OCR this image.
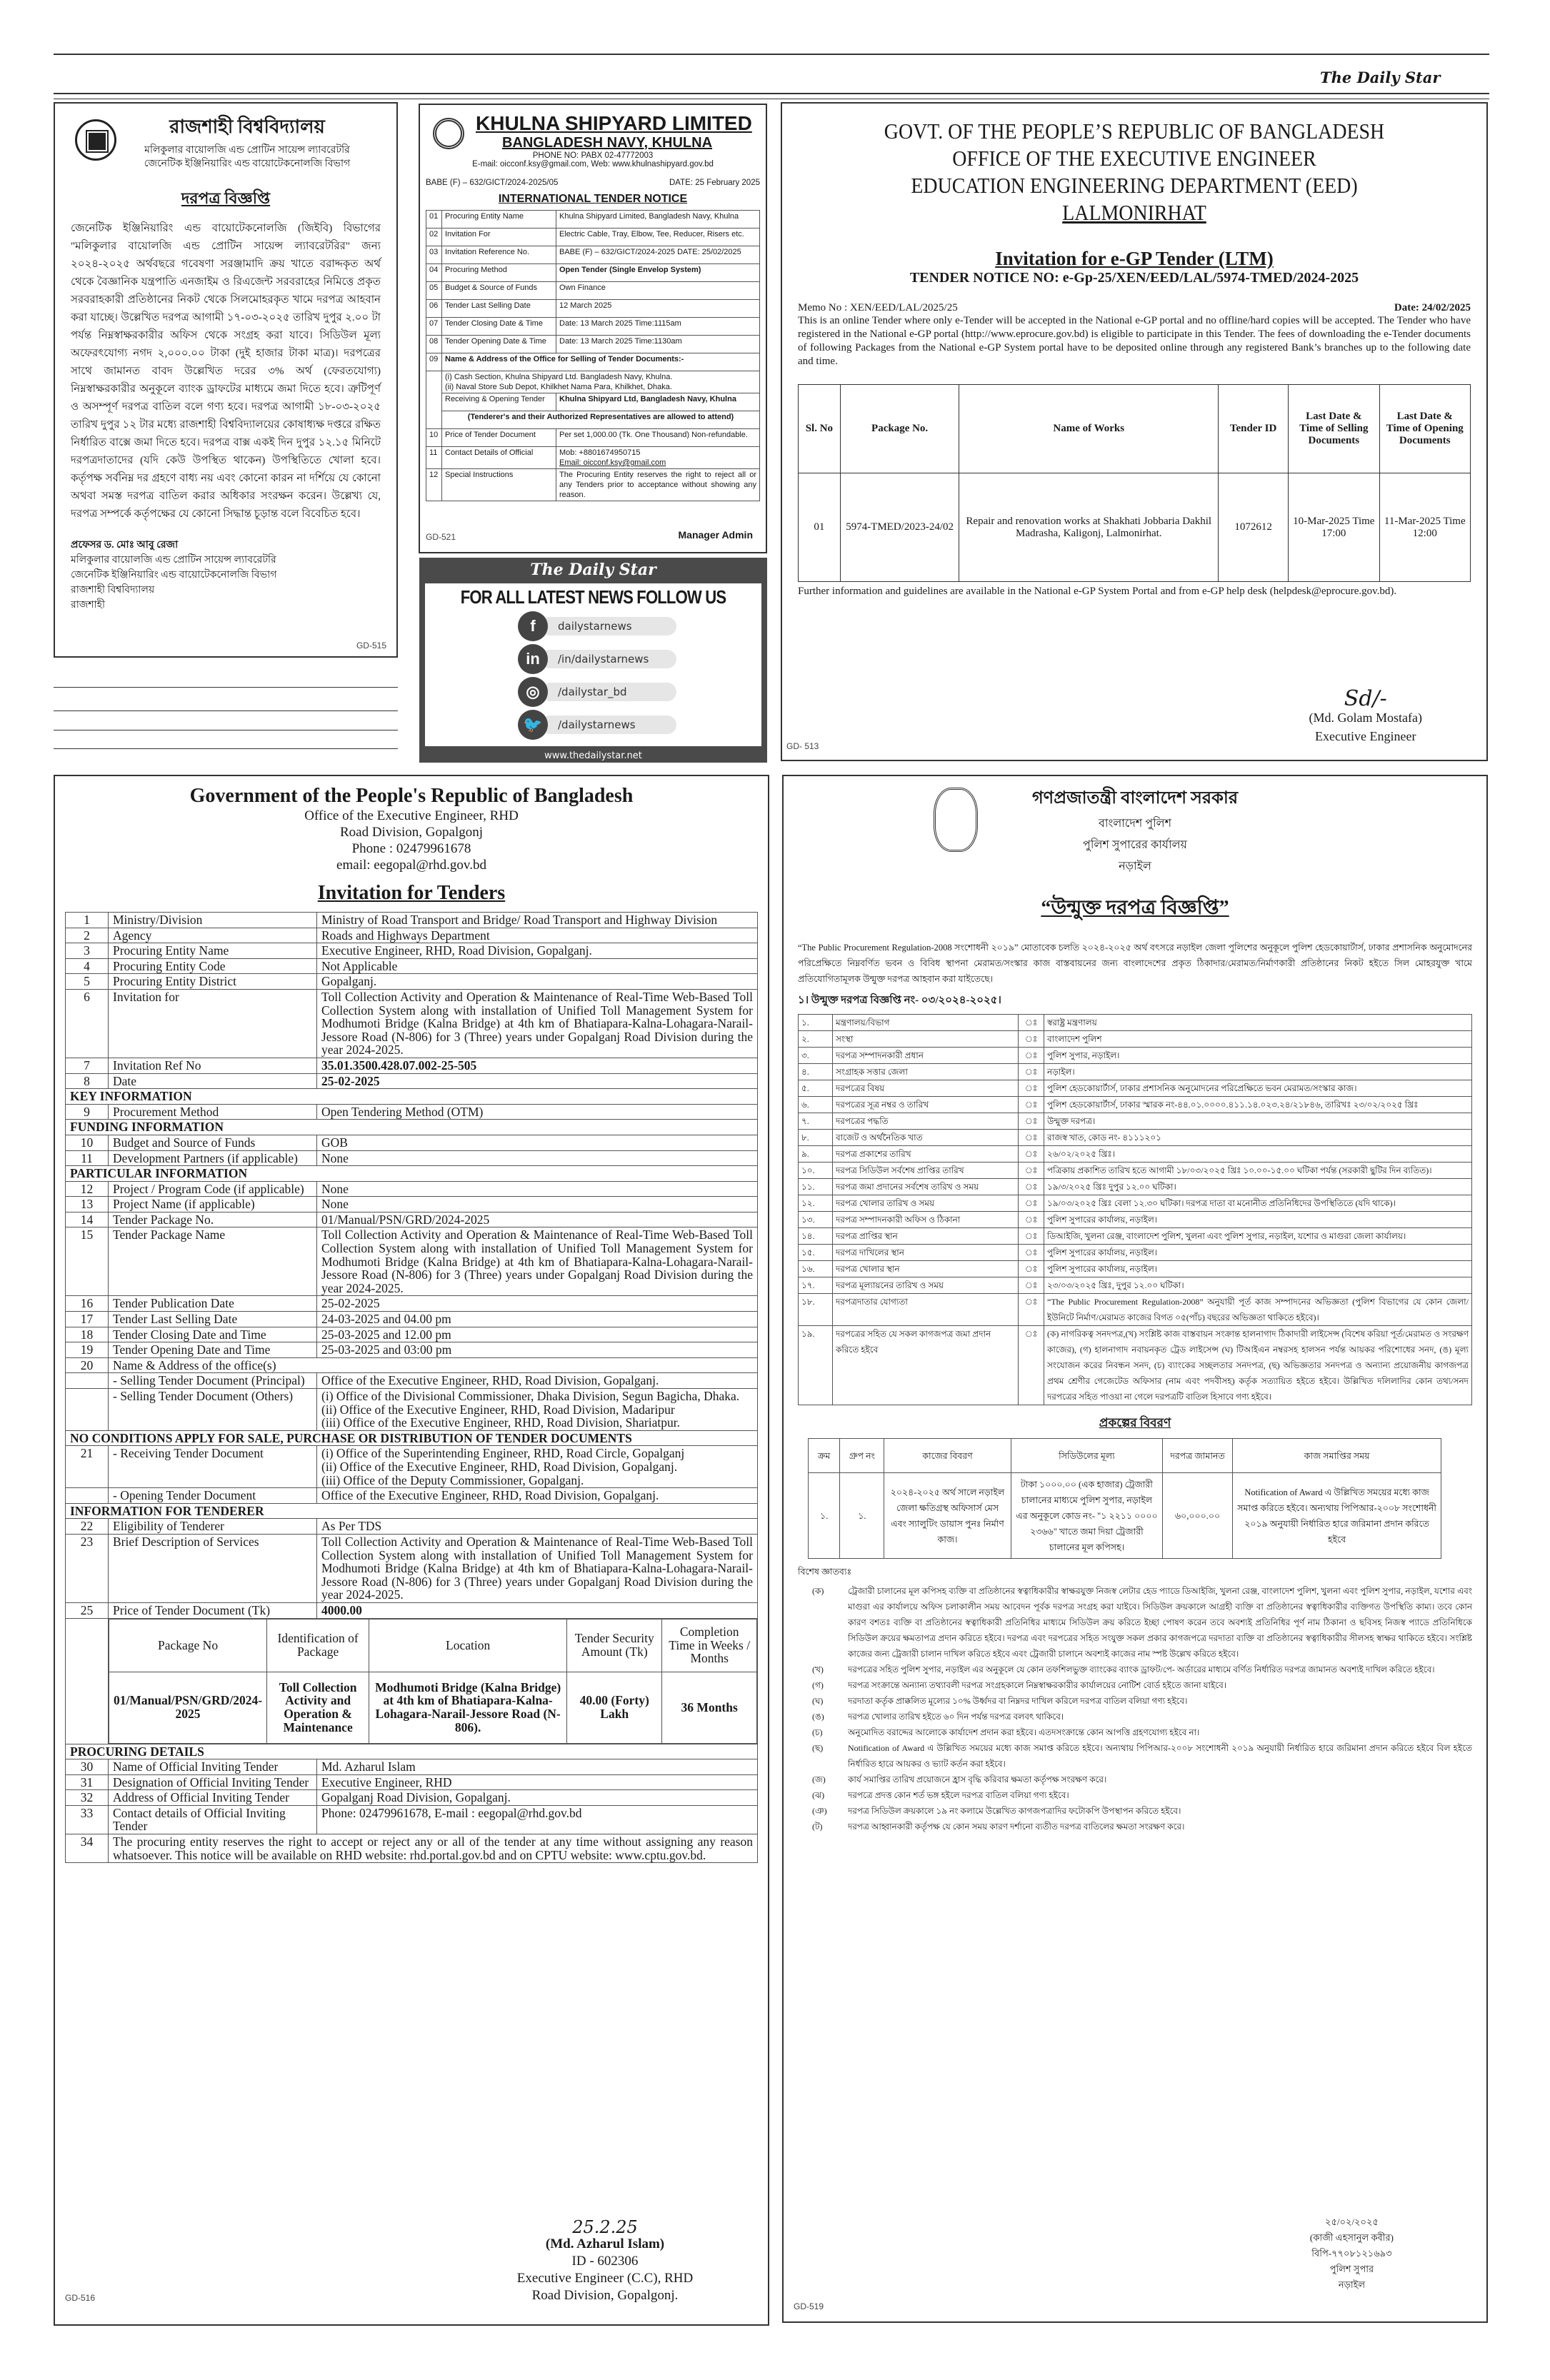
The Daily Star
রাজশাহী বিশ্ববিদ্যালয়
মলিকুলার বায়োলজি এন্ড প্রোটিন সায়েন্স ল্যাবরেটরি
জেনেটিক ইঞ্জিনিয়ারিং এন্ড বায়োটেকনোলজি বিভাগ
দরপত্র বিজ্ঞপ্তি

জেনেটিক ইঞ্জিনিয়ারিং এন্ড বায়োটেকনোলজি (জিইবি) বিভাগের "মলিকুলার বায়োলজি এন্ড প্রোটিন সায়েন্স ল্যাবরেটরির" জন্য ২০২৪-২০২৫ অর্থবছরে গবেষণা সরঞ্জামাদি ক্রয় খাতে বরাদ্দকৃত অর্থ থেকে বৈজ্ঞানিক যন্ত্রপাতি এনজাইম ও রিএজেন্ট সরবরাহের নিমিত্তে প্রকৃত সরবরাহকারী প্রতিষ্ঠানের নিকট থেকে সিলমোহরকৃত খামে দরপত্র আহবান করা যাচ্ছে। উল্লেখিত দরপত্র আগামী ১৭-০৩-২০২৫ তারিখ দুপুর ২.০০ টা পর্যন্ত নিম্নস্বাক্ষরকারীর অফিস থেকে সংগ্রহ করা যাবে। সিডিউল মূল্য অফেরৎযোগ্য নগদ ২,০০০.০০ টাকা (দুই হাজার টাকা মাত্র)। দরপত্রের সাথে জামানত বাবদ উল্লেখিত দরের ৩% অর্থ (ফেরতযোগ্য) নিম্নস্বাক্ষরকারীর অনুকূলে ব্যাংক ড্রাফটের মাধ্যমে জমা দিতে হবে। ত্রুটিপূর্ণ ও অসম্পূর্ণ দরপত্র বাতিল বলে গণ্য হবে। দরপত্র আগামী ১৮-০৩-২০২৫ তারিখ দুপুর ১২ টার মধ্যে রাজশাহী বিশ্ববিদ্যালয়ের কোষাধ্যক্ষ দপ্তরে রক্ষিত নির্ধারিত বাক্সে জমা দিতে হবে। দরপত্র বাক্স একই দিন দুপুর ১২.১৫ মিনিটে দরপত্রদাতাদের (যদি কেউ উপস্থিত থাকেন) উপস্থিতিতে খোলা হবে। কর্তৃপক্ষ সর্বনিম্ন দর গ্রহণে বাধ্য নয় এবং কোনো কারন না দর্শিয়ে যে কোনো অথবা সমস্ত দরপত্র বাতিল করার অধিকার সংরক্ষন করেন। উল্লেখ্য যে, দরপত্র সম্পর্কে কর্তৃপক্ষের যে কোনো সিদ্ধান্ত চূড়ান্ত বলে বিবেচিত হবে।

প্রফেসর ড. মোঃ আবু রেজা
মলিকুলার বায়োলজি এন্ড প্রোটিন সায়েন্স ল্যাবরেটরি
জেনেটিক ইঞ্জিনিয়ারিং এন্ড বায়োটেকনোলজি বিভাগ
রাজশাহী বিশ্ববিদ্যালয়
রাজশাহী
GD-515
KHULNA SHIPYARD LIMITED
BANGLADESH NAVY, KHULNA
PHONE NO: PABX 02-47772003
E-mail: oicconf.ksy@gmail.com, Web: www.khulnashipyard.gov.bd
BABE (F) – 632/GICT/2024-2025/05	DATE: 25 February 2025
INTERNATIONAL TENDER NOTICE
01	Procuring Entity Name	Khulna Shipyard Limited, Bangladesh Navy, Khulna
02	Invitation For	Electric Cable, Tray, Elbow, Tee, Reducer, Risers etc.
03	Invitation Reference No.	BABE (F) – 632/GICT/2024-2025 DATE: 25/02/2025
04	Procuring Method	Open Tender (Single Envelop System)
05	Budget & Source of Funds	Own Finance
06	Tender Last Selling Date	12 March 2025
07	Tender Closing Date & Time	Date: 13 March 2025 Time:1115am
08	Tender Opening Date & Time	Date: 13 March 2025 Time:1130am
09	Name & Address of the Office for Selling of Tender Documents:-	

	(i) Cash Section, Khulna Shipyard Ltd. Bangladesh Navy, Khulna.
(ii) Naval Store Sub Depot, Khilkhet Nama Para, Khilkhet, Dhaka.	

	Receiving & Opening Tender	Khulna Shipyard Ltd, Bangladesh Navy, Khulna
	(Tenderer's and their Authorized Representatives are allowed to attend)	
10	Price of Tender Document	Per set 1,000.00 (Tk. One Thousand) Non-refundable.
11	Contact Details of Official	Mob: +8801674950715
Email: oicconf.ksy@gmail.com

12	Special Instructions	The Procuring Entity reserves the right to reject all or any Tenders prior to acceptance without showing any reason.
Manager Admin
GD-521
The Daily Star
FOR ALL LATEST NEWS FOLLOW US
f	dailystarnews
in	/in/dailystarnews
◎	/dailystar_bd
🐦	/dailystarnews
www.thedailystar.net
GOVT. OF THE PEOPLE’S REPUBLIC OF BANGLADESH
OFFICE OF THE EXECUTIVE ENGINEER
EDUCATION ENGINEERING DEPARTMENT (EED)
LALMONIRHAT
Invitation for e-GP Tender (LTM)
TENDER NOTICE NO: e-Gp-25/XEN/EED/LAL/5974-TMED/2024-2025
Memo No : XEN/EED/LAL/2025/25	Date: 24/02/2025

This is an online Tender where only e-Tender will be accepted in the National e-GP portal and no offline/hard copies will be accepted. The Tender who have registered in the National e-GP portal (http://www.eprocure.gov.bd) is eligible to participate in this Tender. The fees of downloading the e-Tender documents of following Packages from the National e-GP System portal have to be deposited online through any registered Bank’s branches up to the following date and time.

Sl. No	Package No.	Name of Works	Tender ID	Last Date & Time of Selling Documents	Last Date & Time of Opening Documents
01	5974-TMED/2023-24/02	Repair and renovation works at Shakhati Jobbaria Dakhil Madrasha, Kaligonj, Lalmonirhat.	1072612	10-Mar-2025 Time 17:00	11-Mar-2025 Time 12:00

Further information and guidelines are available in the National e-GP System Portal and from e-GP help desk (helpdesk@eprocure.gov.bd).

Sd/-
(Md. Golam Mostafa)
Executive Engineer
GD- 513
Government of the People's Republic of Bangladesh
Office of the Executive Engineer, RHD
Road Division, Gopalgonj
Phone : 02479961678
email: eegopal@rhd.gov.bd
Invitation for Tenders
1	Ministry/Division	Ministry of Road Transport and Bridge/ Road Transport and Highway Division
2	Agency	Roads and Highways Department
3	Procuring Entity Name	Executive Engineer, RHD, Road Division, Gopalganj.
4	Procuring Entity Code	Not Applicable
5	Procuring Entity District	Gopalganj.
6	Invitation for	Toll Collection Activity and Operation & Maintenance of Real-Time Web-Based Toll Collection System along with installation of Unified Toll Management System for Modhumoti Bridge (Kalna Bridge) at 4th km of Bhatiapara-Kalna-Lohagara-Narail-Jessore Road (N-806) for 3 (Three) years under Gopalganj Road Division during the year 2024-2025.
7	Invitation Ref No	35.01.3500.428.07.002-25-505
8	Date	25-02-2025
KEY INFORMATION
9	Procurement Method	Open Tendering Method (OTM)
FUNDING INFORMATION
10	Budget and Source of Funds	GOB
11	Development Partners (if applicable)	None
PARTICULAR INFORMATION
12	Project / Program Code (if applicable)	None
13	Project Name (if applicable)	None
14	Tender Package No.	01/Manual/PSN/GRD/2024-2025
15	Tender Package Name	Toll Collection Activity and Operation & Maintenance of Real-Time Web-Based Toll Collection System along with installation of Unified Toll Management System for Modhumoti Bridge (Kalna Bridge) at 4th km of Bhatiapara-Kalna-Lohagara-Narail-Jessore Road (N-806) for 3 (Three) years under Gopalganj Road Division during the year 2024-2025.
16	Tender Publication Date	25-02-2025
17	Tender Last Selling Date	24-03-2025 and 04.00 pm
18	Tender Closing Date and Time	25-03-2025 and 12.00 pm
19	Tender Opening Date and Time	25-03-2025 and 03:00 pm
20	Name & Address of the office(s)
	- Selling Tender Document (Principal)	Office of the Executive Engineer, RHD, Road Division, Gopalganj.
	- Selling Tender Document (Others)	(i) Office of the Divisional Commissioner, Dhaka Division, Segun Bagicha, Dhaka.
(ii) Office of the Executive Engineer, RHD, Road Division, Madaripur
(iii) Office of the Executive Engineer, RHD, Road Division, Shariatpur.
NO CONDITIONS APPLY FOR SALE, PURCHASE OR DISTRIBUTION OF TENDER DOCUMENTS
21	- Receiving Tender Document	(i) Office of the Superintending Engineer, RHD, Road Circle, Gopalganj
(ii) Office of the Executive Engineer, RHD, Road Division, Gopalganj.
(iii) Office of the Deputy Commissioner, Gopalganj.
	- Opening Tender Document	Office of the Executive Engineer, RHD, Road Division, Gopalganj.
INFORMATION FOR TENDERER
22	Eligibility of Tenderer	As Per TDS
23	Brief Description of Services	Toll Collection Activity and Operation & Maintenance of Real-Time Web-Based Toll Collection System along with installation of Unified Toll Management System for Modhumoti Bridge (Kalna Bridge) at 4th km of Bhatiapara-Kalna-Lohagara-Narail-Jessore Road (N-806) for 3 (Three) years under Gopalganj Road Division during the year 2024-2025.
25	Price of Tender Document (Tk)	4000.00

Package No	Identification of Package	Location	Tender Security Amount (Tk)	Completion Time in Weeks / Months
01/Manual/PSN/GRD/2024-2025	Toll Collection Activity and Operation & Maintenance	Modhumoti Bridge (Kalna Bridge) at 4th km of Bhatiapara-Kalna-Lohagara-Narail-Jessore Road (N-806).	40.00 (Forty) Lakh	36 Months

PROCURING DETAILS
30	Name of Official Inviting Tender	Md. Azharul Islam
31	Designation of Official Inviting Tender	Executive Engineer, RHD
32	Address of Official Inviting Tender	Gopalganj Road Division, Gopalganj.
33	Contact details of Official Inviting Tender	Phone: 02479961678, E-mail : eegopal@rhd.gov.bd
34	The procuring entity reserves the right to accept or reject any or all of the tender at any time without assigning any reason whatsoever. This notice will be available on RHD website: rhd.portal.gov.bd and on CPTU website: www.cptu.gov.bd.
25.2.25
(Md. Azharul Islam)
ID - 602306
Executive Engineer (C.C), RHD
Road Division, Gopalgonj.
GD-516
গণপ্রজাতন্ত্রী বাংলাদেশ সরকার
বাংলাদেশ পুলিশ
পুলিশ সুপারের কার্যালয়
নড়াইল
“উন্মুক্ত দরপত্র বিজ্ঞপ্তি”

“The Public Procurement Regulation-2008 সংশোধনী ২০১৯” মোতাবেক চলতি ২০২৪-২০২৫ অর্থ বৎসরে নড়াইল জেলা পুলিশের অনুকূলে পুলিশ হেডকোয়ার্টার্স, ঢাকার প্রশাসনিক অনুমোদনের পরিপ্রেক্ষিতে নিম্নবর্ণিত ভবন ও বিবিধ স্থাপনা মেরামত/সংস্কার কাজ বাস্তবায়নের জন্য বাংলাদেশের প্রকৃত ঠিকাদার/মেরামত/নির্মাণকারী প্রতিষ্ঠানের নিকট হইতে সিল মোহরযুক্ত খামে প্রতিযোগিতামূলক উন্মুক্ত দরপত্র আহবান করা যাইতেছে।

১। উন্মুক্ত দরপত্র বিজ্ঞপ্তি নং- ০৩/২০২৪-২০২৫।

১.	মন্ত্রণালয়/বিভাগ	ঃ	স্বরাষ্ট্র মন্ত্রণালয়
২.	সংস্থা	ঃ	বাংলাদেশ পুলিশ
৩.	দরপত্র সম্পাদনকারী প্রধান	ঃ	পুলিশ সুপার, নড়াইল।
৪.	সংগ্রাহক সত্তার জেলা	ঃ	নড়াইল।
৫.	দরপত্রের বিষয়	ঃ	পুলিশ হেডকোয়ার্টার্স, ঢাকার প্রশাসনিক অনুমোদনের পরিপ্রেক্ষিতে ভবন মেরামত/সংস্কার কাজ।
৬.	দরপত্রের সূত্র নম্বর ও তারিখ	ঃ	পুলিশ হেডকোয়ার্টার্স, ঢাকার স্মারক নং-৪৪.০১.০০০০.৪১১.১৪.০২৩.২৪/২১৮৪৬, তারিখঃ ২৩/০২/২০২৫ খ্রিঃ
৭.	দরপত্রের পদ্ধতি	ঃ	উন্মুক্ত দরপত্র।
৮.	বাজেট ও অর্থনৈতিক খাত	ঃ	রাজস্ব খাত, কোড নং- ৪১১১২০১
৯.	দরপত্র প্রকাশের তারিখ	ঃ	২৬/০২/২০২৫ খ্রিঃ।
১০.	দরপত্র সিডিউল সর্বশেষ প্রাপ্তির তারিখ	ঃ	পত্রিকায় প্রকাশিত তারিখ হতে আগামী ১৮/০৩/২০২৫ খ্রিঃ ১০.০০-১৫.০০ ঘটিকা পর্যন্ত (সরকারী ছুটির দিন ব্যতিত)।
১১.	দরপত্র জমা প্রদানের সর্বশেষ তারিখ ও সময়	ঃ	১৯/৩/২০২৫ খ্রিঃ দুপুর ১২.০০ ঘটিকা।
১২.	দরপত্র খোলার তারিখ ও সময়	ঃ	১৯/০৩/২০২৫ খ্রিঃ বেলা ১২.৩০ ঘটিকা। দরপত্র দাতা বা মনোনীত প্রতিনিধিদের উপস্থিতিতে (যদি থাকে)।
১৩.	দরপত্র সম্পাদনকারী অফিস ও ঠিকানা	ঃ	পুলিশ সুপারের কার্যালয়, নড়াইল।
১৪.	দরপত্র প্রাপ্তির স্থান	ঃ	ডিআইজি, খুলনা রেঞ্জ, বাংলাদেশ পুলিশ, খুলনা এবং পুলিশ সুপার, নড়াইল, যশোর ও মাগুরা জেলা কার্যালয়।
১৫.	দরপত্র দাখিলের স্থান	ঃ	পুলিশ সুপারের কার্যালয়, নড়াইল।
১৬.	দরপত্র খোলার স্থান	ঃ	পুলিশ সুপারের কার্যালয়, নড়াইল।
১৭.	দরপত্র মূল্যায়নের তারিখ ও সময়	ঃ	২৩/০৩/২০২৫ খ্রিঃ, দুপুর ১২.০০ ঘটিকা।
১৮.	দরপত্রদাতার যোগ্যতা	ঃ	“The Public Procurement Regulation-2008” অনুযায়ী পূর্ত কাজ সম্পাদনের অভিজ্ঞতা (পুলিশ বিভাগের যে কোন জেলা/ইউনিটে নির্মাণ/মেরামত কাজের বিগত ০৫(পাঁচ) বছরের অভিজ্ঞতা থাকিতে হইবে)।
১৯.	দরপত্রের সহিত যে সকল কাগজপত্র জমা প্রদান করিতে হইবে	ঃ	(ক) নাগরিকত্ব সনদপত্র,(খ) সংশ্লিষ্ট কাজ বাস্তবায়ন সংক্রান্ত হালনাগাদ ঠিকাদারী লাইসেন্স (বিশেষ করিয়া পূর্ত/মেরামত ও সংরক্ষণ কাজের), (গ) হালনাগাদ নবায়নকৃত ট্রেড লাইসেন্স (ঘ) টিআইএন নম্বরসহ হালসন পর্যন্ত আয়কর পরিশোধের সনদ, (ঙ) মূল্য সংযোজন করের নিবন্ধন সনদ, (চ) ব্যাংকের সচ্ছলতার সনদপত্র, (ছ) অভিজ্ঞতার সনদপত্র ও অন্যান্য প্রয়োজনীয় কাগজপত্র প্রথম শ্রেণীর গেজেটেড অফিসার (নাম এবং পদবীসহ) কর্তৃক সত্যায়িত হইতে হইবে। উল্লিখিত দলিলাদির কোন তথ্য/সনদ দরপত্রের সহিত পাওয়া না গেলে দরপত্রটি বাতিল হিসাবে গণ্য হইবে।
প্রকল্পের বিবরণ
ক্রম	গ্রুপ নং	কাজের বিবরণ	সিডিউলের মূল্য	দরপত্র জামানত	কাজ সমাপ্তির সময়
১.	১.	২০২৪-২০২৫ অর্থ সালে নড়াইল জেলা ক্ষতিগ্রস্থ অফিসার্স মেস এবং স্যালুটিং ডায়াস পুনঃ নির্মাণ কাজ।	টাকা ১০০০.০০ (এক হাজার) ট্রেজারী চালানের মাধ্যমে পুলিশ সুপার, নড়াইল এর অনুকূলে কোড নং- "১ ২২১১ ০০০০ ২৩৬৬" খাতে জমা দিয়া ট্রেজারী চালানের মূল কপিসহ।	৬০,০০০.০০	Notification of Award এ উল্লিখিত সময়ের মধ্যে কাজ সমাপ্ত করিতে হইবে। অন্যথায় পিপিআর-২০০৮ সংশোধনী ২০১৯ অনুযায়ী নির্ধারিত হারে জরিমানা প্রদান করিতে হইবে
বিশেষ জ্ঞাতব্যঃ
(ক)	ট্রেজারী চালানের মূল কপিসহ ব্যক্তি বা প্রতিষ্ঠানের স্বত্বাধিকারীর স্বাক্ষরযুক্ত নিজস্ব লেটার হেড প্যাডে ডিআইজি, খুলনা রেঞ্জ, বাংলাদেশ পুলিশ, খুলনা এবং পুলিশ সুপার, নড়াইল, যশোর এবং মাগুরা এর কার্যালয়ে অফিস চলাকালীন সময় আবেদন পূর্বক দরপত্র সংগ্রহ করা যাইবে। সিডিউল ক্রয়কালে আগ্রহী ব্যক্তি বা প্রতিষ্ঠানের স্বত্বাধিকারীর ব্যক্তিগত উপস্থিতি কাম্য। তবে কোন কারণ বশতঃ ব্যক্তি বা প্রতিষ্ঠানের স্বত্বাধিকারী প্রতিনিধির মাধ্যমে সিডিউল ক্রয় করিতে ইচ্ছা পোষণ করেন তবে অবশ্যই প্রতিনিধির পূর্ণ নাম ঠিকানা ও ছবিসহ নিজস্ব প্যাডে প্রতিনিধিকে সিডিউল ক্রয়ের ক্ষমতাপত্র প্রদান করিতে হইবে। দরপত্র এবং দরপত্রের সহিত সংযুক্ত সকল প্রকার কাগজপত্রে দরদাতা ব্যক্তি বা প্রতিষ্ঠানের স্বত্বাধিকারীর সীলসহ স্বাক্ষর থাকিতে হইবে। সংশ্লিষ্ট কাজের জন্য ট্রেজারী চালান দাখিল করিতে হইবে এবং ট্রেজারী চালানে অবশ্যই কাজের নাম স্পষ্ট উল্লেখ করিতে হইবে।
(খ)	দরপত্রের সহিত পুলিশ সুপার, নড়াইল এর অনুকূলে যে কোন তফশিলভুক্ত ব্যাংকের ব্যাংক ড্রাফট/পে- অর্ডারের মাধ্যমে বর্ণিত নির্ধারিত দরপত্র জামানত অবশ্যই দাখিল করিতে হইবে।
(গ)	দরপত্র সংক্রান্তে অন্যান্য তথ্যাবলী দরপত্র সংগ্রহকালে নিম্নস্বাক্ষরকারীর কার্যালয়ের নোটিশ বোর্ড হইতে জানা যাইবে।
(ঘ)	দরদাতা কর্তৃক প্রাক্কলিত মূল্যের ১০% উর্ধ্বদর বা নিম্নদর দাখিল করিলে দরপত্র বাতিল বলিয়া গণ্য হইবে।
(ঙ)	দরপত্র খোলার তারিখ হইতে ৬০ দিন পর্যন্ত দরপত্র বলবৎ থাকিবে।
(চ)	অনুমোদিত বরাদ্দের আলোকে কার্যাদেশ প্রদান করা হইবে। এতদসংক্রান্তে কোন আপত্তি গ্রহণযোগ্য হইবে না।
(ছ)	Notification of Award এ উল্লিখিত সময়ের মধ্যে কাজ সমাপ্ত করিতে হইবে। অন্যথায় পিপিআর-২০০৮ সংশোধনী ২০১৯ অনুযায়ী নির্ধারিত হারে জরিমানা প্রদান করিতে হইবে বিল হইতে নির্ধারিত হারে আয়কর ও ভ্যাট কর্তন করা হইবে।
(জ)	কার্য সমাপ্তির তারিখ প্রয়োজনে হ্রাস বৃদ্ধি করিবার ক্ষমতা কর্তৃপক্ষ সংরক্ষণ করে।
(ঝ)	দরপত্রে প্রদত্ত কোন শর্ত ভঙ্গ হইলে দরপত্র বাতিল বলিয়া গণ্য হইবে।
(ঞ)	দরপত্র সিডিউল ক্রয়কালে ১৯ নং কলামে উল্লেখিত কাগজপত্রাদির ফটোকপি উপস্থাপন করিতে হইবে।
(ট)	দরপত্র আহ্বানকারী কর্তৃপক্ষ যে কোন সময় কারণ দর্শানো ব্যতীত দরপত্র বাতিলের ক্ষমতা সংরক্ষণ করে।
২৫/০২/২০২৫
(কাজী এহসানুল কবীর)
বিপি-৭৭০৮১২১৬৯৩
পুলিশ সুপার
নড়াইল
GD-519
